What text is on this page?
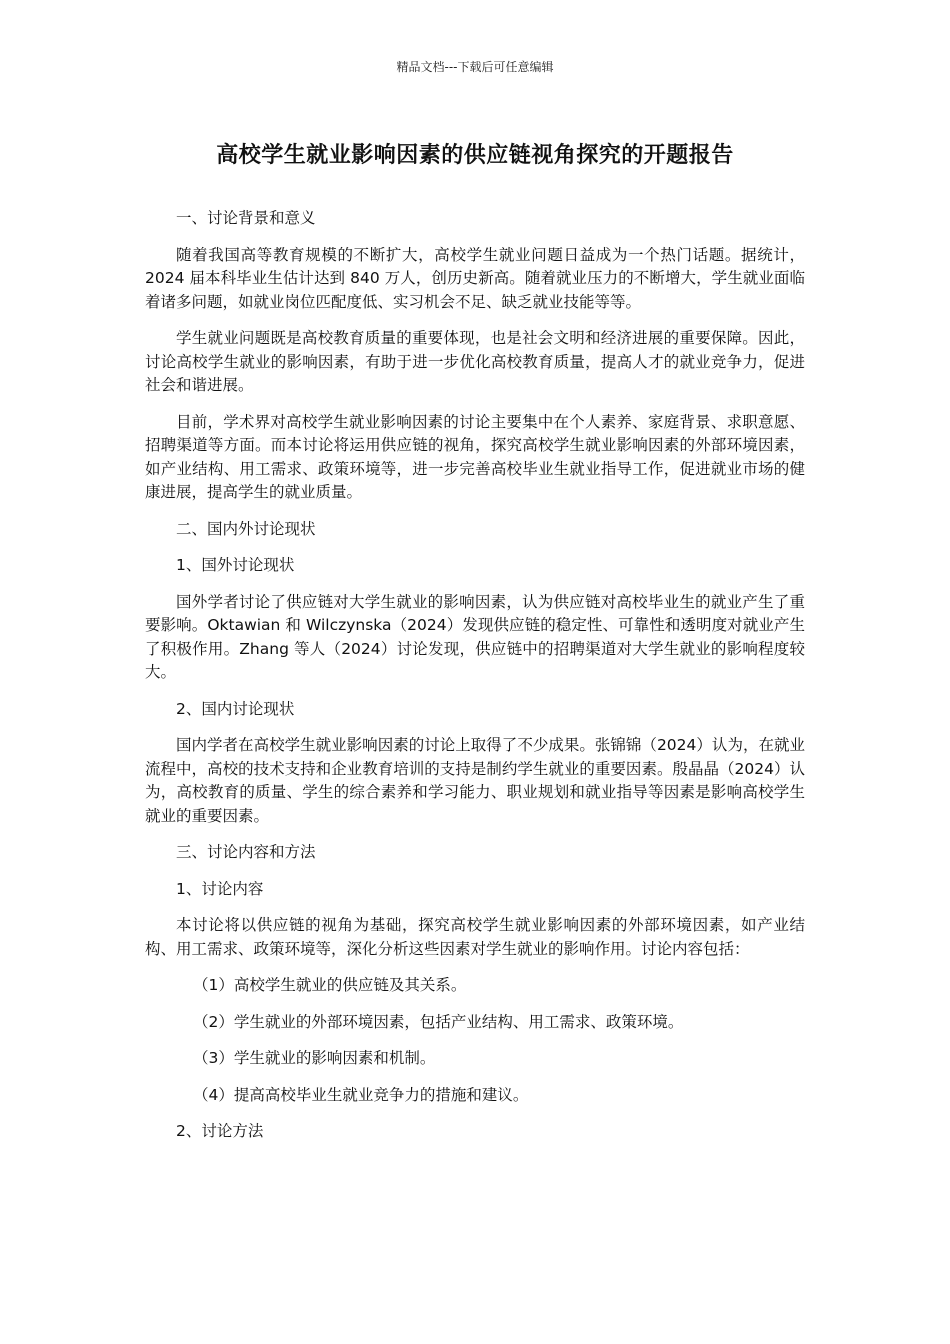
精品文档---下载后可任意编辑
高校学生就业影响因素的供应链视角探究的开题报告
一、讨论背景和意义

随着我国高等教育规模的不断扩大，高校学生就业问题日益成为一个热门话题。据统计，2024 届本科毕业生估计达到 840 万人，创历史新高。随着就业压力的不断增大，学生就业面临着诸多问题，如就业岗位匹配度低、实习机会不足、缺乏就业技能等等。

学生就业问题既是高校教育质量的重要体现，也是社会文明和经济进展的重要保障。因此，讨论高校学生就业的影响因素，有助于进一步优化高校教育质量，提高人才的就业竞争力，促进社会和谐进展。

目前，学术界对高校学生就业影响因素的讨论主要集中在个人素养、家庭背景、求职意愿、招聘渠道等方面。而本讨论将运用供应链的视角，探究高校学生就业影响因素的外部环境因素，如产业结构、用工需求、政策环境等，进一步完善高校毕业生就业指导工作，促进就业市场的健康进展，提高学生的就业质量。

二、国内外讨论现状
1、国外讨论现状

国外学者讨论了供应链对大学生就业的影响因素，认为供应链对高校毕业生的就业产生了重要影响。Oktawian 和 Wilczynska（2024）发现供应链的稳定性、可靠性和透明度对就业产生了积极作用。Zhang 等人（2024）讨论发现，供应链中的招聘渠道对大学生就业的影响程度较大。

2、国内讨论现状

国内学者在高校学生就业影响因素的讨论上取得了不少成果。张锦锦（2024）认为，在就业流程中，高校的技术支持和企业教育培训的支持是制约学生就业的重要因素。殷晶晶（2024）认为，高校教育的质量、学生的综合素养和学习能力、职业规划和就业指导等因素是影响高校学生就业的重要因素。

三、讨论内容和方法
1、讨论内容

本讨论将以供应链的视角为基础，探究高校学生就业影响因素的外部环境因素，如产业结构、用工需求、政策环境等，深化分析这些因素对学生就业的影响作用。讨论内容包括：

（1）高校学生就业的供应链及其关系。
（2）学生就业的外部环境因素，包括产业结构、用工需求、政策环境。
（3）学生就业的影响因素和机制。
（4）提高高校毕业生就业竞争力的措施和建议。
2、讨论方法
